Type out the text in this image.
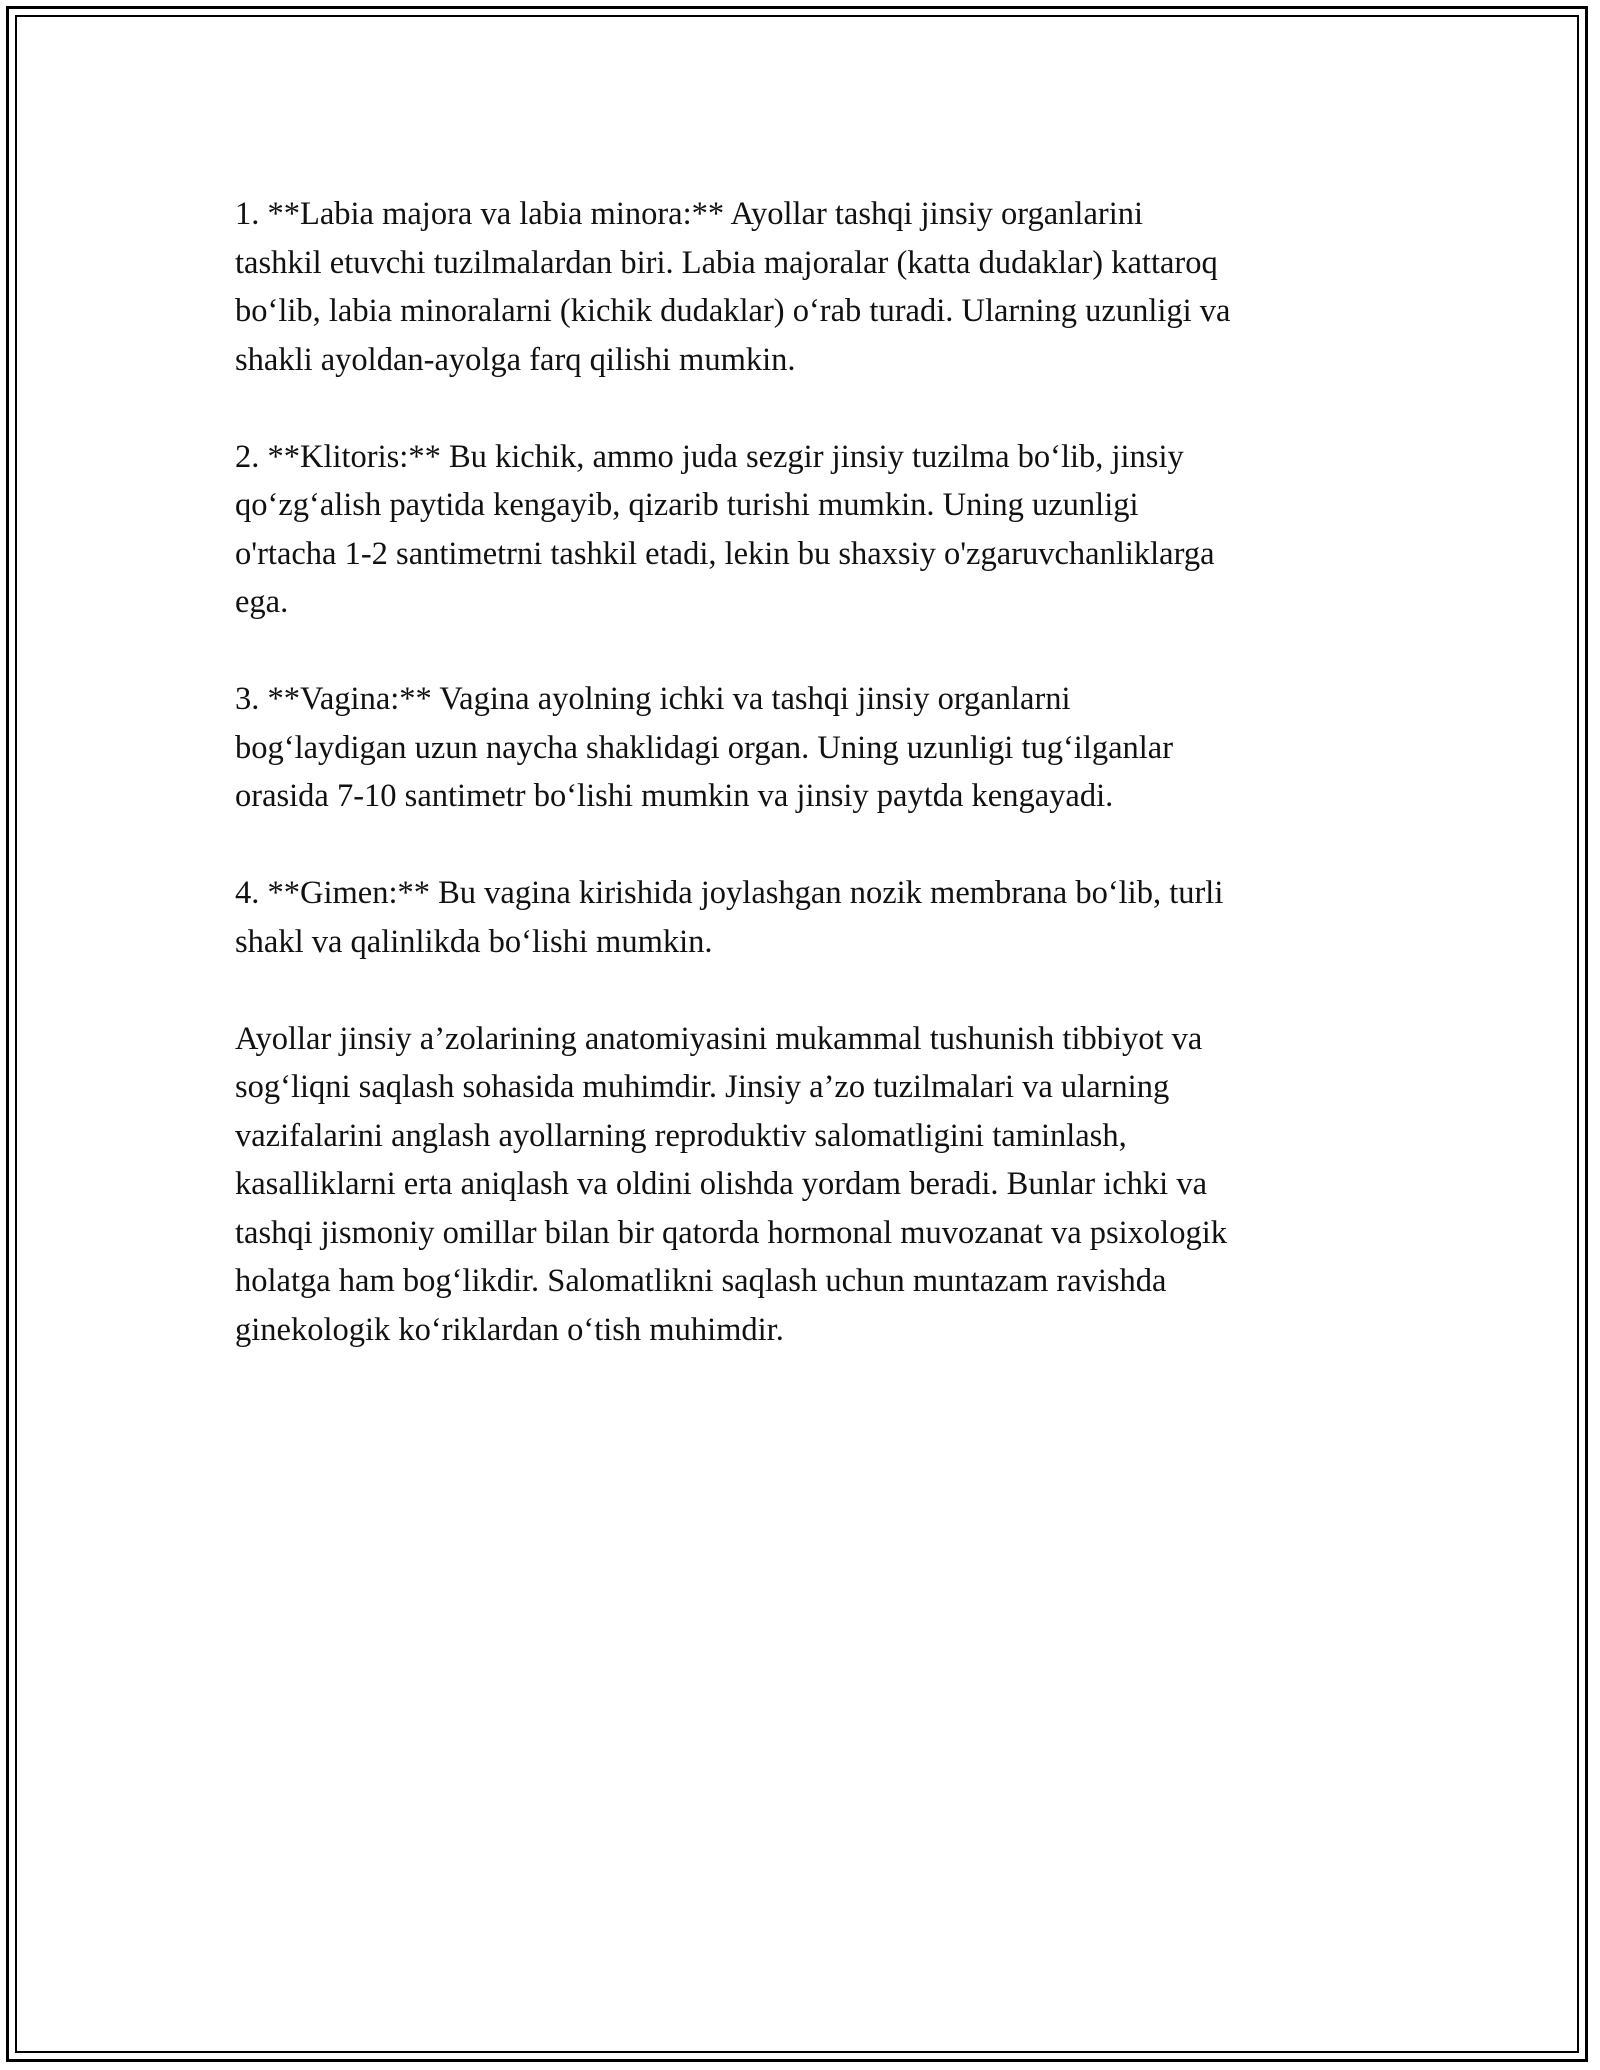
1. **Labia majora va labia minora:** Ayollar tashqi jinsiy organlarini
tashkil etuvchi tuzilmalardan biri. Labia majoralar (katta dudaklar) kattaroq
bo‘lib, labia minoralarni (kichik dudaklar) o‘rab turadi. Ularning uzunligi va
shakli ayoldan-ayolga farq qilishi mumkin.

2. **Klitoris:** Bu kichik, ammo juda sezgir jinsiy tuzilma bo‘lib, jinsiy
qo‘zg‘alish paytida kengayib, qizarib turishi mumkin. Uning uzunligi
o'rtacha 1-2 santimetrni tashkil etadi, lekin bu shaxsiy o'zgaruvchanliklarga
ega.

3. **Vagina:** Vagina ayolning ichki va tashqi jinsiy organlarni
bog‘laydigan uzun naycha shaklidagi organ. Uning uzunligi tug‘ilganlar
orasida 7-10 santimetr bo‘lishi mumkin va jinsiy paytda kengayadi.

4. **Gimen:** Bu vagina kirishida joylashgan nozik membrana bo‘lib, turli
shakl va qalinlikda bo‘lishi mumkin.

Ayollar jinsiy a’zolarining anatomiyasini mukammal tushunish tibbiyot va
sog‘liqni saqlash sohasida muhimdir. Jinsiy a’zo tuzilmalari va ularning
vazifalarini anglash ayollarning reproduktiv salomatligini taminlash,
kasalliklarni erta aniqlash va oldini olishda yordam beradi. Bunlar ichki va
tashqi jismoniy omillar bilan bir qatorda hormonal muvozanat va psixologik
holatga ham bog‘likdir. Salomatlikni saqlash uchun muntazam ravishda
ginekologik ko‘riklardan o‘tish muhimdir.
